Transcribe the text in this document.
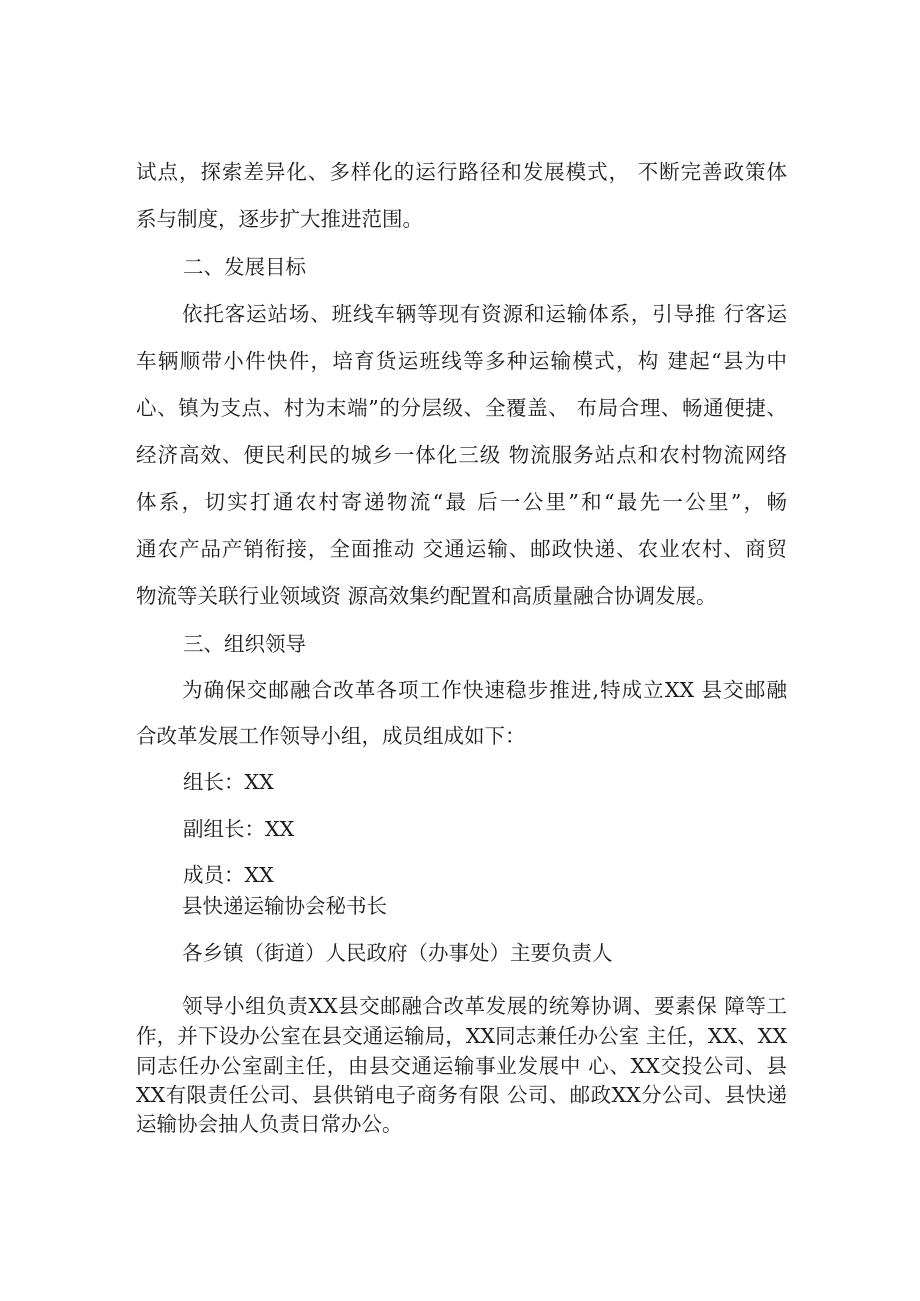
试点，探索差异化、多样化的运行路径和发展模式， 不断完善政策体
系与制度，逐步扩大推进范围。
二、发展目标
依托客运站场、班线车辆等现有资源和运输体系，引导推 行客运
车辆顺带小件快件，培育货运班线等多种运输模式，构 建起“县为中
心、镇为支点、村为末端”的分层级、全覆盖、 布局合理、畅通便捷、
经济高效、便民利民的城乡一体化三级 物流服务站点和农村物流网络
体系，切实打通农村寄递物流“最 后一公里”和“最先一公里”，畅
通农产品产销衔接，全面推动 交通运输、邮政快递、农业农村、商贸
物流等关联行业领域资 源高效集约配置和高质量融合协调发展。
三、组织领导
为确保交邮融合改革各项工作快速稳步推进,特成立XX 县交邮融
合改革发展工作领导小组，成员组成如下：
组长：XX
副组长：XX
成员：XX
县快递运输协会秘书长
各乡镇（街道）人民政府（办事处）主要负责人
领导小组负责XX县交邮融合改革发展的统筹协调、要素保 障等工
作，并下设办公室在县交通运输局，XX同志兼任办公室 主任，XX、XX
同志任办公室副主任，由县交通运输事业发展中 心、XX交投公司、县
XX有限责任公司、县供销电子商务有限 公司、邮政XX分公司、县快递
运输协会抽人负责日常办公。
